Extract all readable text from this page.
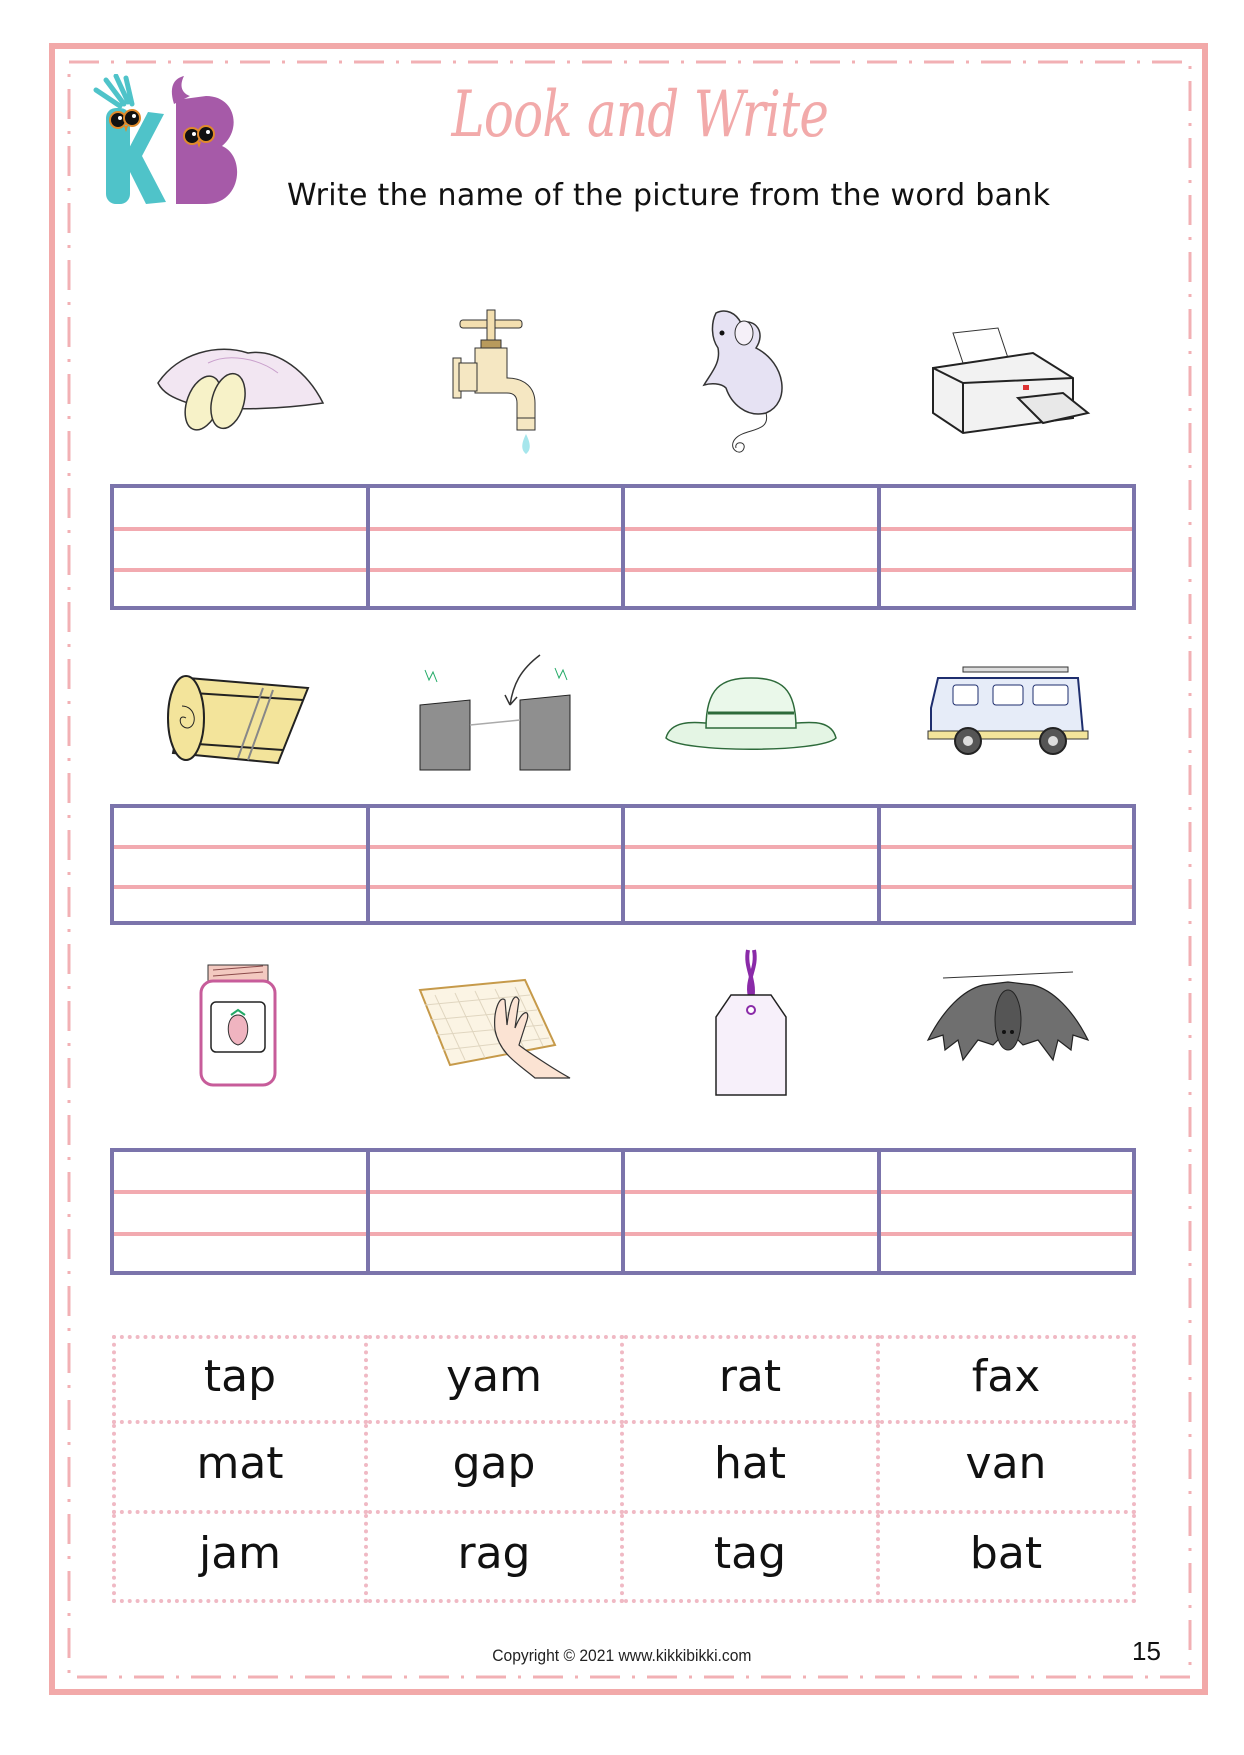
Look and Write
Write the name of the picture from the word bank
tap	yam	rat	fax
mat	gap	hat	van
jam	rag	tag	bat
Copyright © 2021 www.kikkibikki.com	15
